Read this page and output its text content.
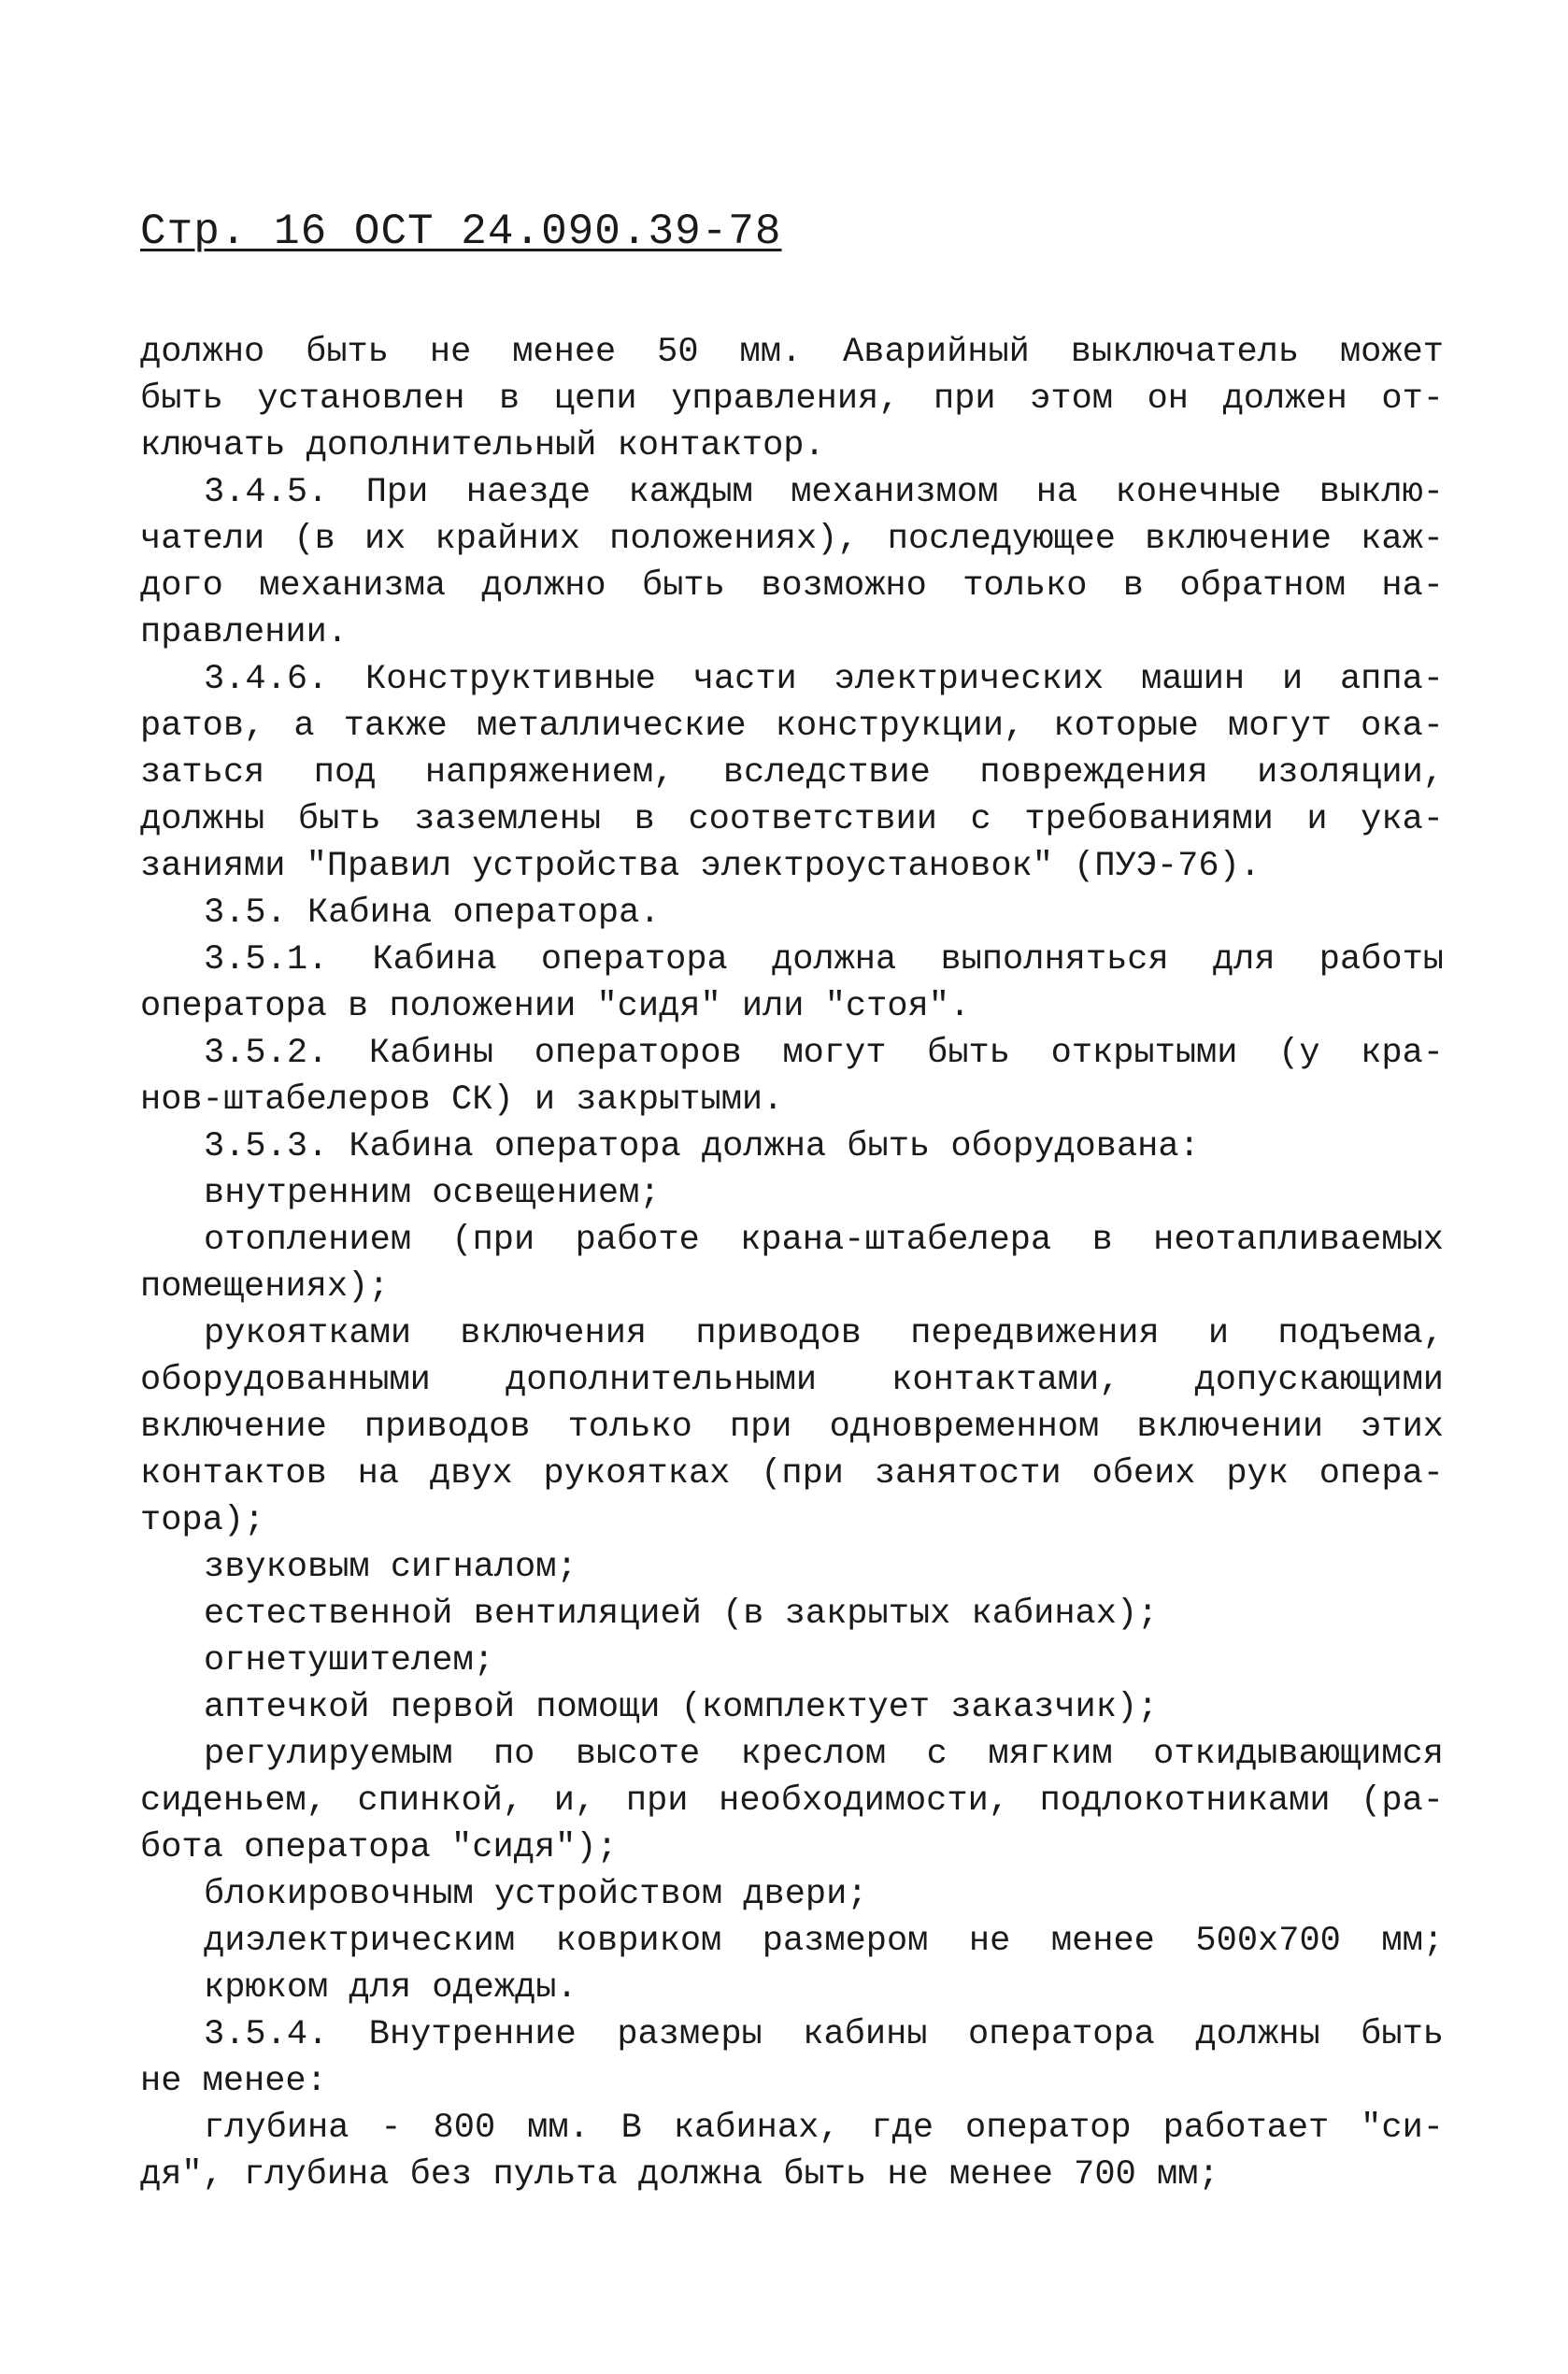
Стр. 16 ОСТ 24.090.39-78
должно быть не менее 50 мм. Аварийный выключатель может
быть установлен в цепи управления, при этом он должен от-
ключать дополнительный контактор.
3.4.5. При наезде каждым механизмом на конечные выклю-
чатели (в их крайних положениях), последующее включение каж-
дого механизма должно быть возможно только в обратном на-
правлении.
3.4.6. Конструктивные части электрических машин и аппа-
ратов, а также металлические конструкции, которые могут ока-
заться под напряжением, вследствие повреждения изоляции,
должны быть заземлены в соответствии с требованиями и ука-
заниями "Правил устройства электроустановок" (ПУЭ-76).
3.5. Кабина оператора.
3.5.1. Кабина оператора должна выполняться для работы
оператора в положении "сидя" или "стоя".
3.5.2. Кабины операторов могут быть открытыми (у кра-
нов-штабелеров СК) и закрытыми.
3.5.3. Кабина оператора должна быть оборудована:
внутренним освещением;
отоплением (при работе крана-штабелера в неотапливаемых
помещениях);
рукоятками включения приводов передвижения и подъема,
оборудованными дополнительными контактами, допускающими
включение приводов только при одновременном включении этих
контактов на двух рукоятках (при занятости обеих рук опера-
тора);
звуковым сигналом;
естественной вентиляцией (в закрытых кабинах);
огнетушителем;
аптечкой первой помощи (комплектует заказчик);
регулируемым по высоте креслом с мягким откидывающимся
сиденьем, спинкой, и, при необходимости, подлокотниками (ра-
бота оператора "сидя");
блокировочным устройством двери;
диэлектрическим ковриком размером не менее 500х700 мм;
крюком для одежды.
3.5.4. Внутренние размеры кабины оператора должны быть
не менее:
глубина - 800 мм. В кабинах, где оператор работает "си-
дя", глубина без пульта должна быть не менее 700 мм;
